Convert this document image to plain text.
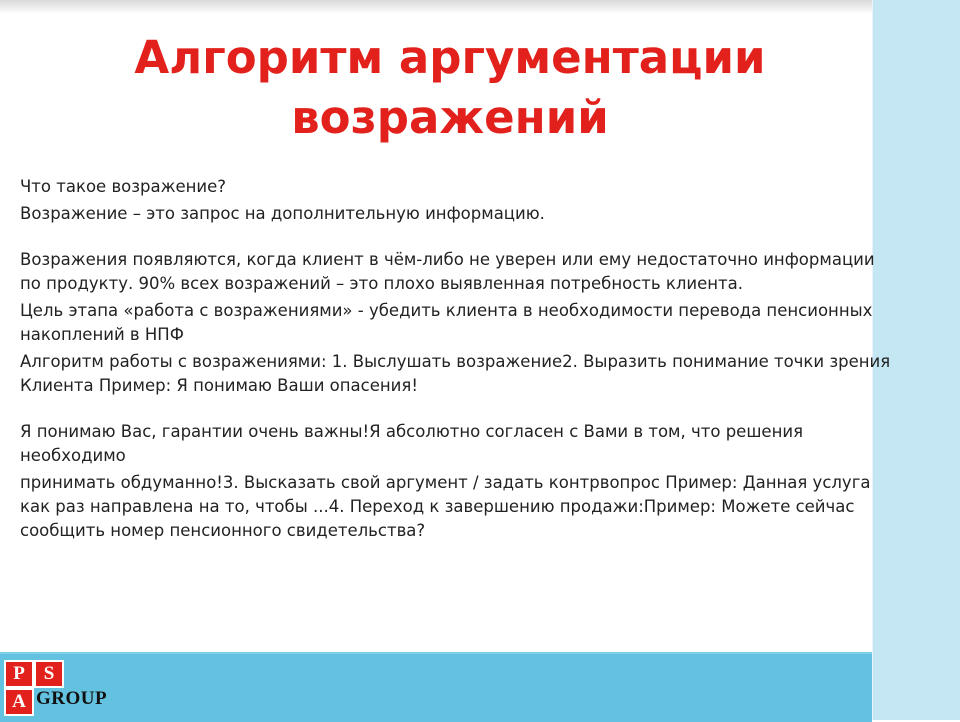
Алгоритм аргументации возражений

Что такое возражение?

Возражение – это запрос на дополнительную информацию.

Возражения появляются, когда клиент в чём-либо не уверен или ему недостаточно информации по продукту. 90% всех возражений – это плохо выявленная потребность клиента.

Цель этапа «работа с возражениями» - убедить клиента в необходимости перевода пенсионных накоплений в НПФ

Алгоритм работы с возражениями: 1. Выслушать возражение2. Выразить понимание точки зрения Клиента Пример: Я понимаю Ваши опасения!

Я понимаю Вас, гарантии очень важны!Я абсолютно согласен с Вами в том, что решения необходимо

принимать обдуманно!3. Высказать свой аргумент / задать контрвопрос Пример: Данная услуга как раз направлена на то, чтобы ...4. Переход к завершению продажи:Пример: Можете сейчас сообщить номер пенсионного свидетельства?

P S
A GROUP
